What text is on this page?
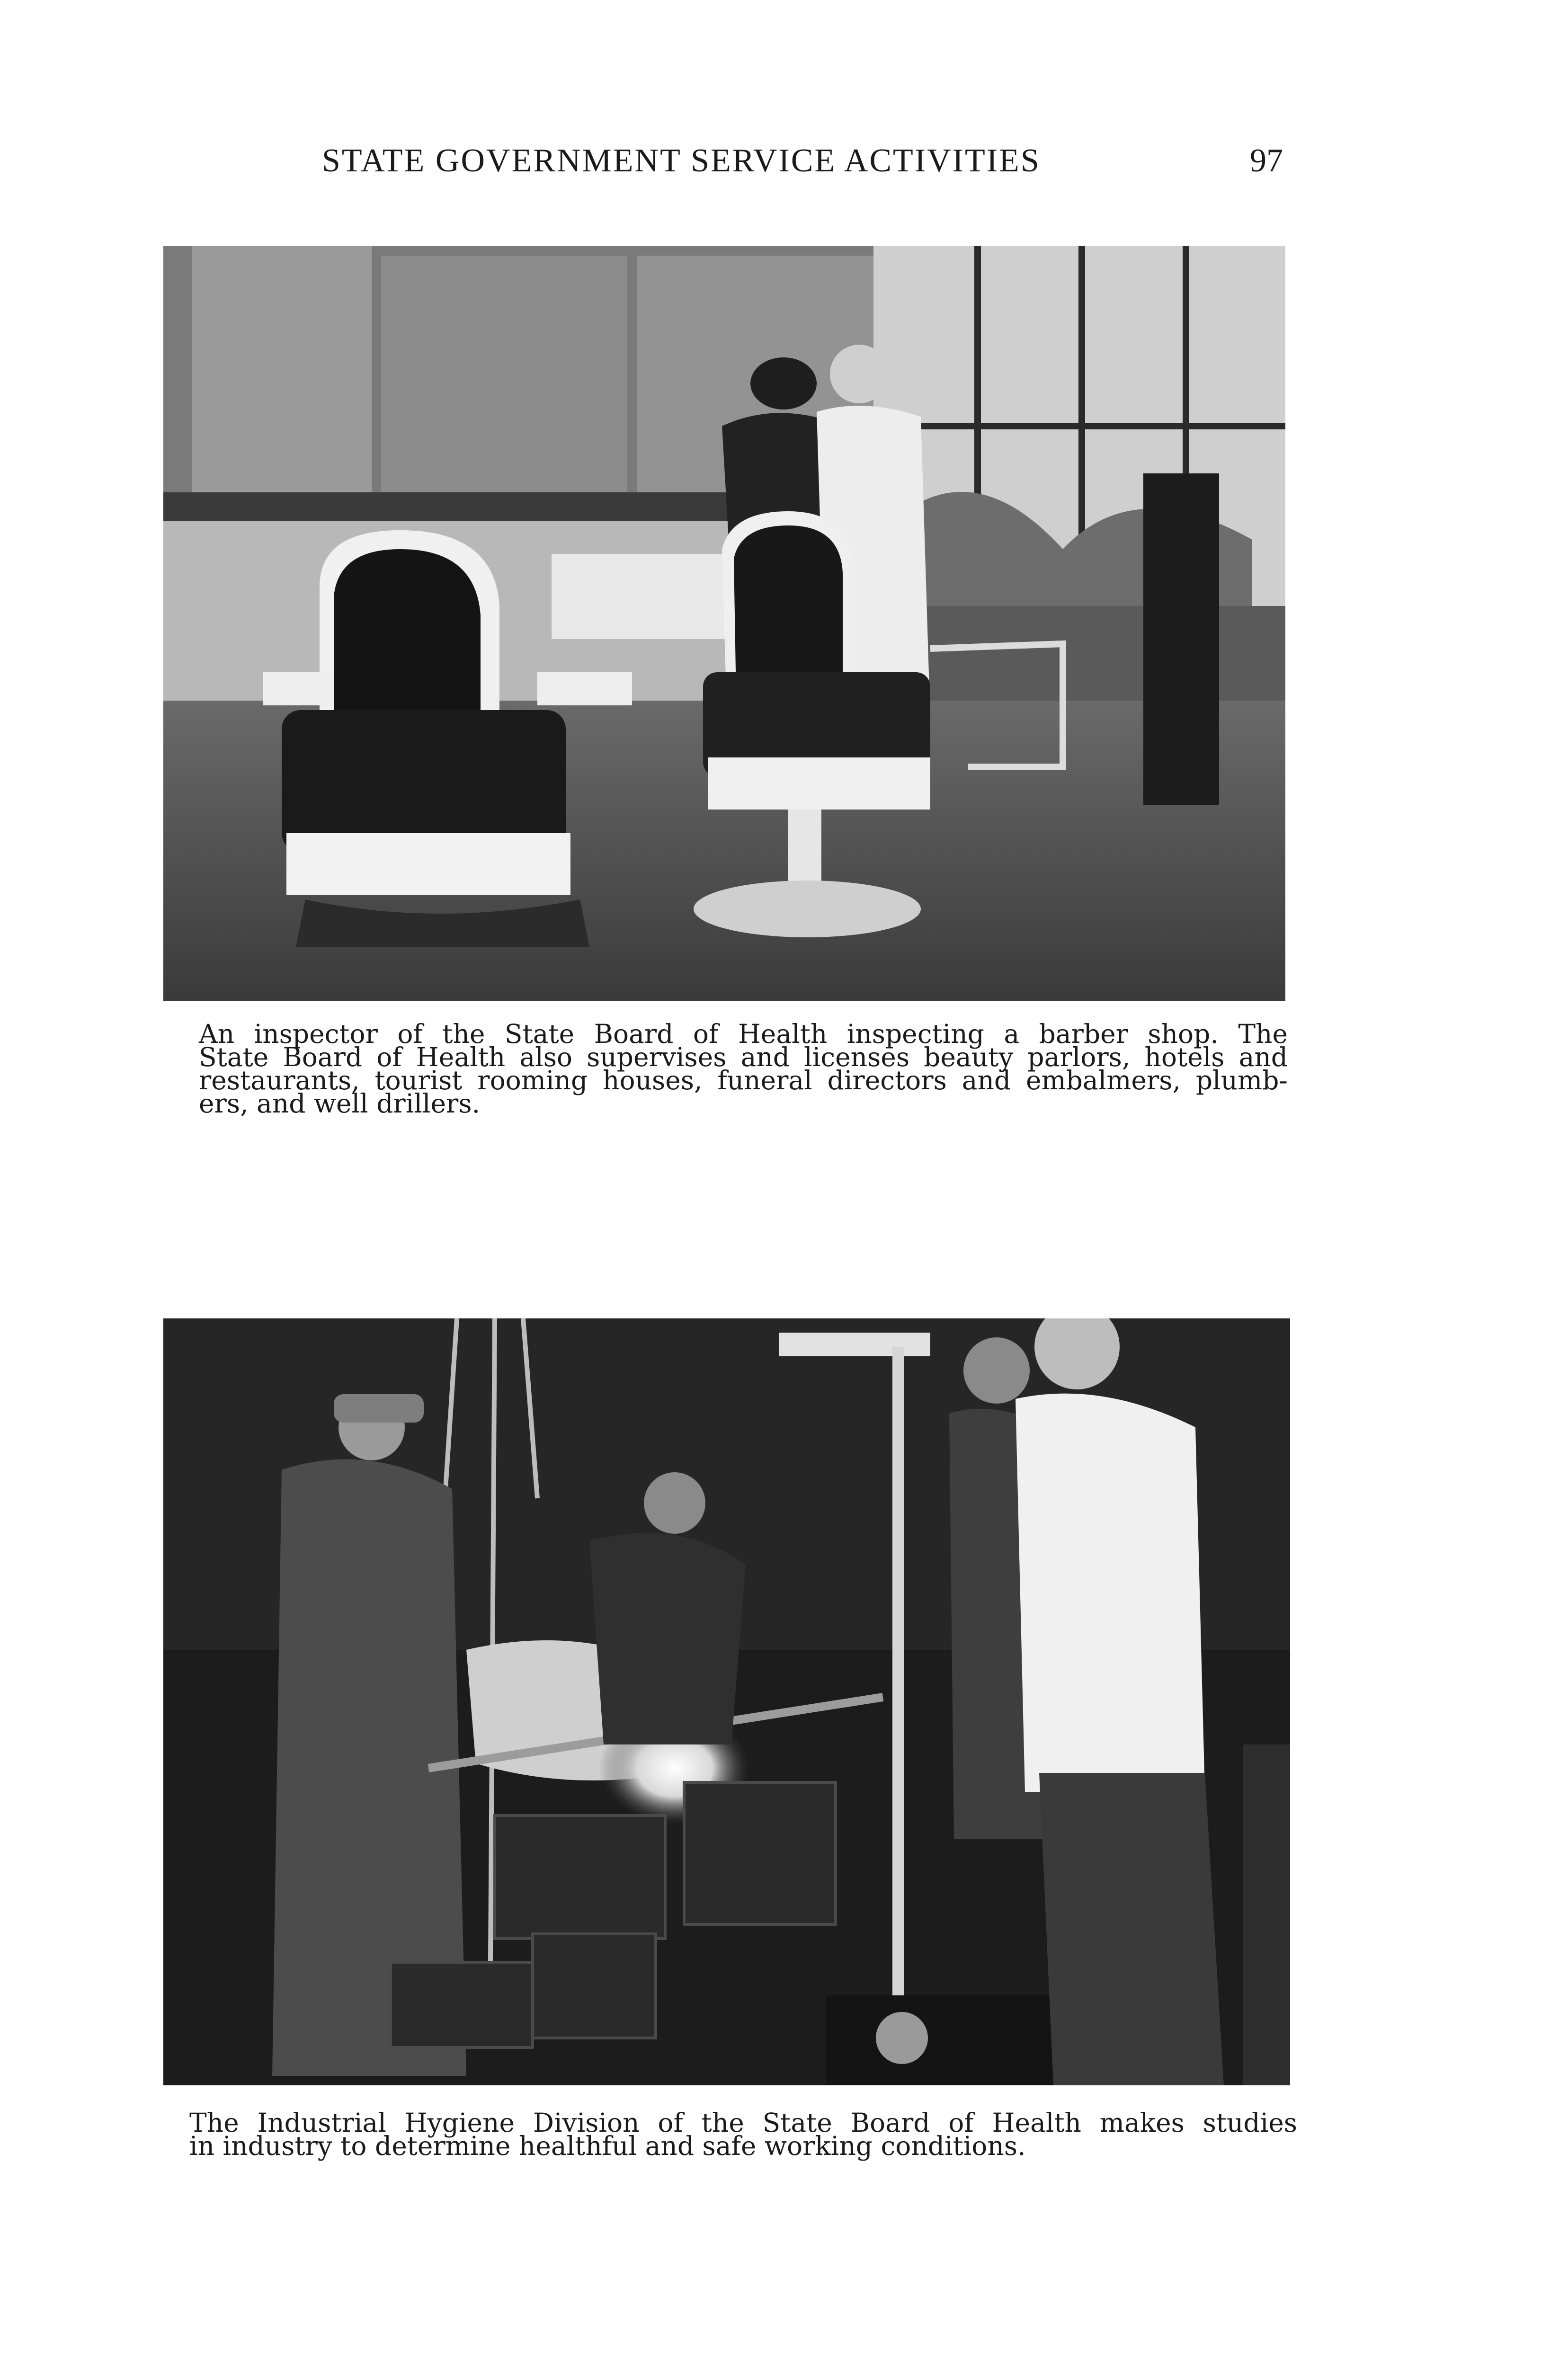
STATE GOVERNMENT SERVICE ACTIVITIES	97

An inspector of the State Board of Health inspecting a barber shop. The
State Board of Health also supervises and licenses beauty parlors, hotels and
restaurants, tourist rooming houses, funeral directors and embalmers, plumb-
ers, and well drillers.

The Industrial Hygiene Division of the State Board of Health makes studies
in industry to determine healthful and safe working conditions.
